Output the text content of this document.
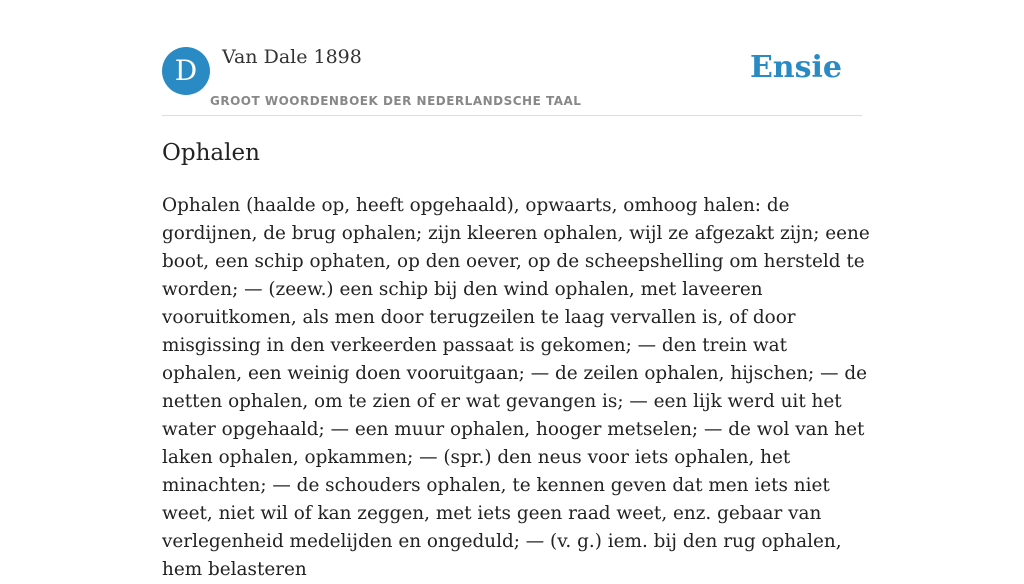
D	Van Dale 1898
GROOT WOORDENBOEK DER NEDERLANDSCHE TAAL
Ensie
Ophalen

Ophalen (haalde op, heeft opgehaald), opwaarts, omhoog halen: de gordijnen, de brug ophalen; zijn kleeren ophalen, wijl ze afgezakt zijn; eene boot, een schip ophaten, op den oever, op de scheepshelling om hersteld te worden; — (zeew.) een schip bij den wind ophalen, met laveeren vooruitkomen, als men door terugzeilen te laag vervallen is, of door misgissing in den verkeerden passaat is gekomen; — den trein wat ophalen, een weinig doen vooruitgaan; — de zeilen ophalen, hijschen; — de netten ophalen, om te zien of er wat gevangen is; — een lijk werd uit het water opgehaald; — een muur ophalen, hooger metselen; — de wol van het laken ophalen, opkammen; — (spr.) den neus voor iets ophalen, het minachten; — de schouders ophalen, te kennen geven dat men iets niet weet, niet wil of kan zeggen, met iets geen raad weet, enz. gebaar van verlegenheid medelijden en ongeduld; — (v. g.) iem. bij den rug ophalen, hem belasteren
